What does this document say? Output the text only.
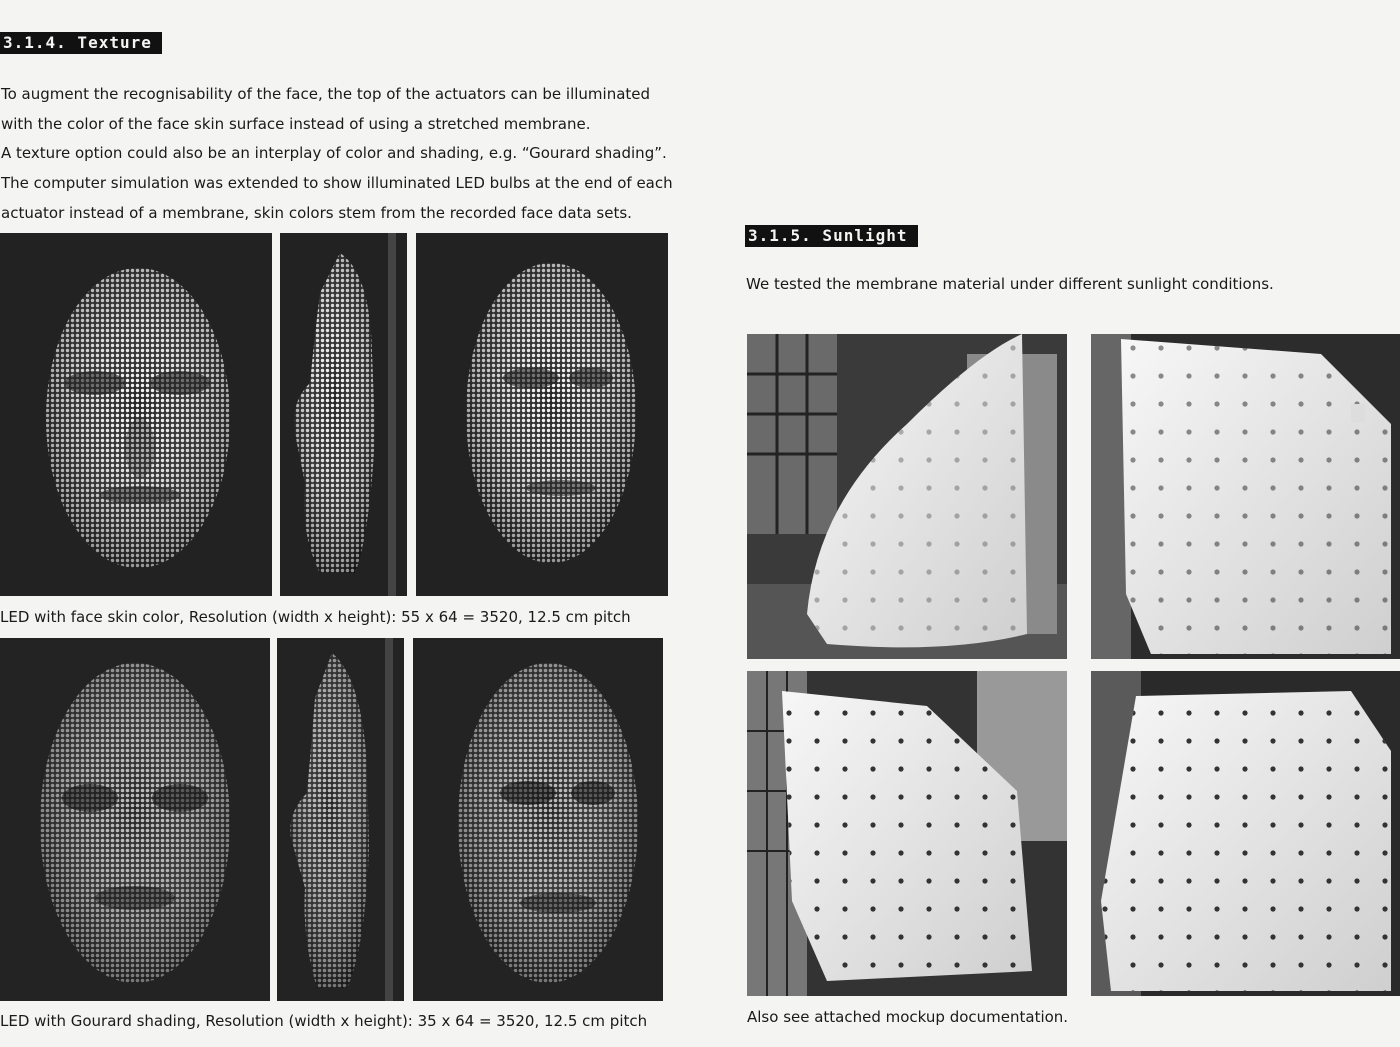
3.1.4. Texture
To augment the recognisability of the face, the top of the actuators can be illuminated
with the color of the face skin surface instead of using a stretched membrane.
A texture option could also be an interplay of color and shading, e.g. “Gourard shading”.
The computer simulation was extended to show illuminated LED bulbs at the end of each
actuator instead of a membrane, skin colors stem from the recorded face data sets.
LED with face skin color, Resolution (width x height): 55 x 64 = 3520, 12.5 cm pitch
LED with Gourard shading, Resolution (width x height): 35 x 64 = 3520, 12.5 cm pitch
3.1.5. Sunlight
We tested the membrane material under different sunlight conditions.
Also see attached mockup documentation.
